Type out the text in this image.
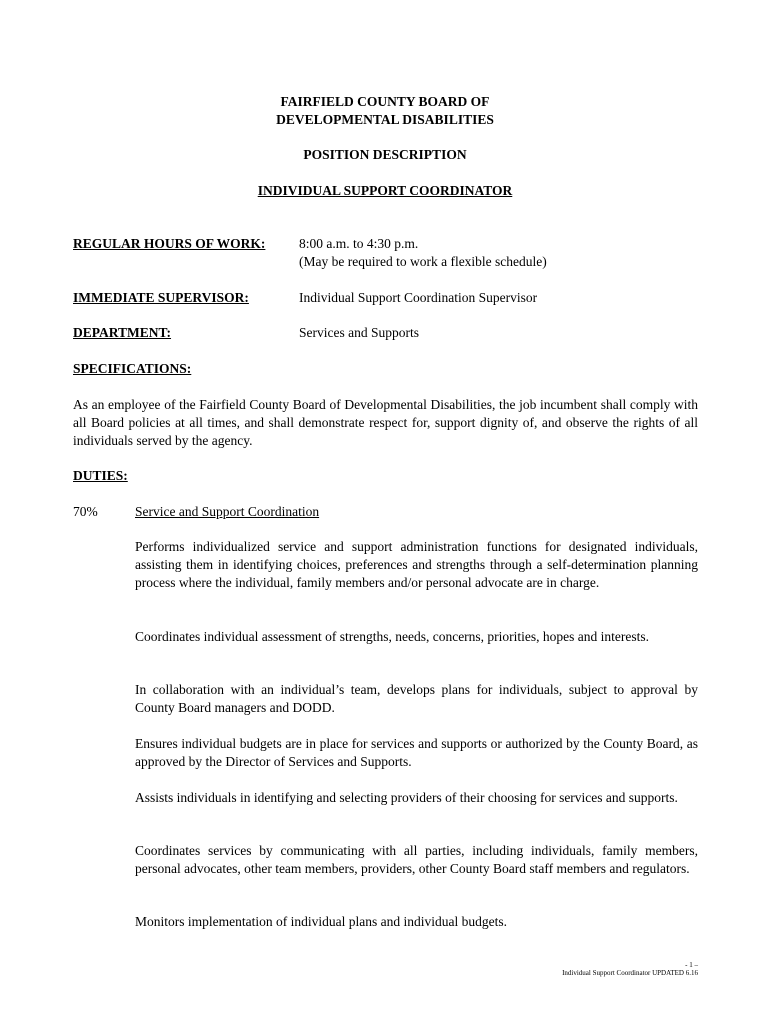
FAIRFIELD COUNTY BOARD OF
DEVELOPMENTAL DISABILITIES
POSITION DESCRIPTION
INDIVIDUAL SUPPORT COORDINATOR
REGULAR HOURS OF WORK: 8:00 a.m. to 4:30 p.m.
(May be required to work a flexible schedule)
IMMEDIATE SUPERVISOR:	Individual Support Coordination Supervisor
DEPARTMENT:	Services and Supports
SPECIFICATIONS:
As an employee of the Fairfield County Board of Developmental Disabilities, the job incumbent shall comply with all Board policies at all times, and shall demonstrate respect for, support dignity of, and observe the rights of all individuals served by the agency.
DUTIES:
70%	Service and Support Coordination
Performs individualized service and support administration functions for designated individuals, assisting them in identifying choices, preferences and strengths through a self-determination planning process where the individual, family members and/or personal advocate are in charge.
Coordinates individual assessment of strengths, needs, concerns, priorities, hopes and interests.
In collaboration with an individual’s team, develops plans for individuals, subject to approval by County Board managers and DODD.
Ensures individual budgets are in place for services and supports or authorized by the County Board, as approved by the Director of Services and Supports.
Assists individuals in identifying and selecting providers of their choosing for services and supports.
Coordinates services by communicating with all parties, including individuals, family members, personal advocates, other team members, providers, other County Board staff members and regulators.
Monitors implementation of individual plans and individual budgets.
- 1 –
Individual Support Coordinator UPDATED 6.16
